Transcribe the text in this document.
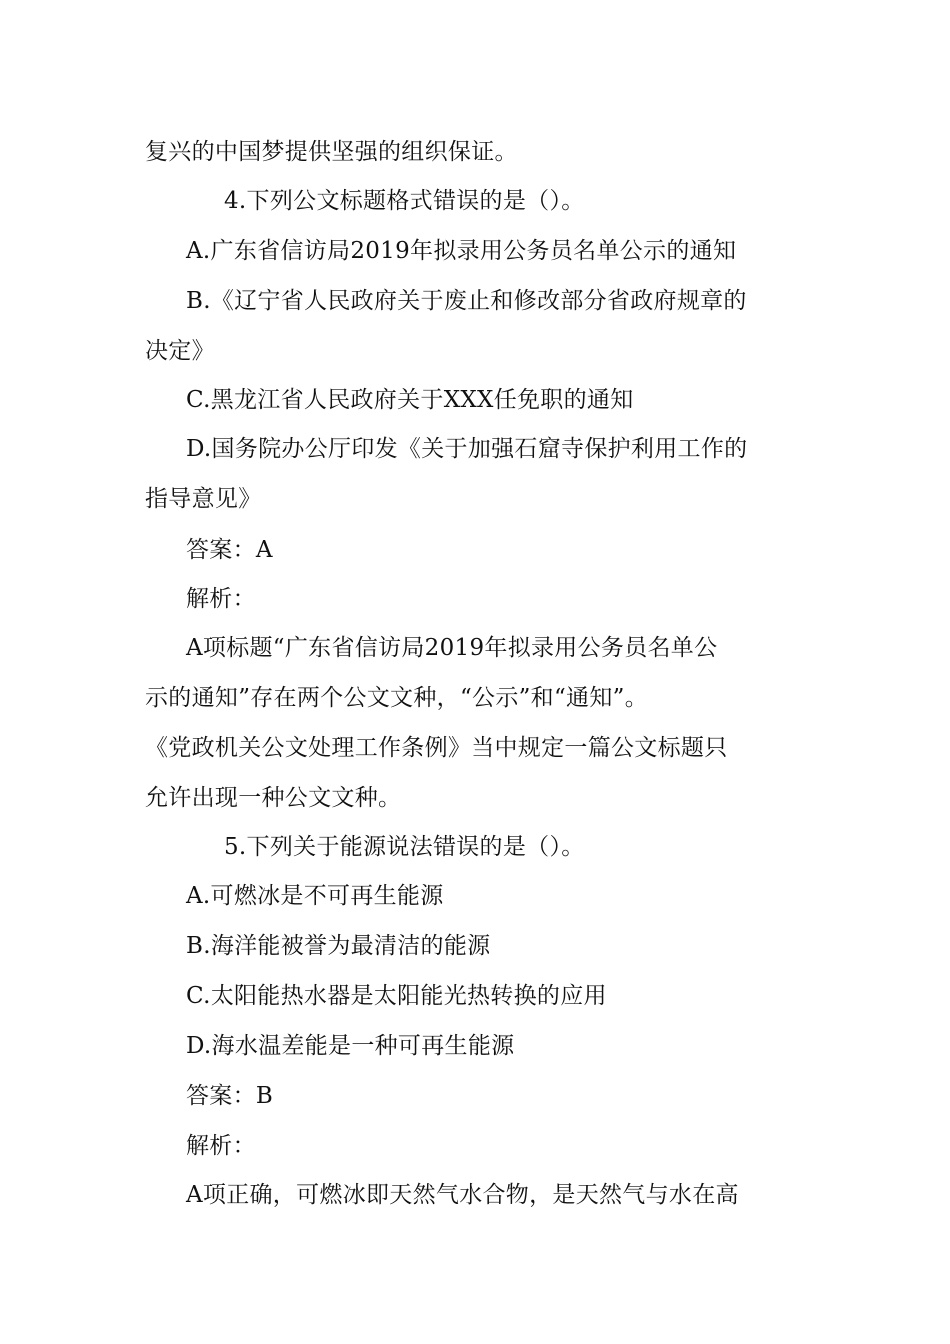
复兴的中国梦提供坚强的组织保证。
4.下列公文标题格式错误的是（）。
A.广东省信访局2019年拟录用公务员名单公示的通知
B.《辽宁省人民政府关于废止和修改部分省政府规章的
决定》
C.黑龙江省人民政府关于XXX任免职的通知
D.国务院办公厅印发《关于加强石窟寺保护利用工作的
指导意见》
答案：A
解析：
A项标题“广东省信访局2019年拟录用公务员名单公
示的通知”存在两个公文文种，“公示”和“通知”。
《党政机关公文处理工作条例》当中规定一篇公文标题只
允许出现一种公文文种。
5.下列关于能源说法错误的是（）。
A.可燃冰是不可再生能源
B.海洋能被誉为最清洁的能源
C.太阳能热水器是太阳能光热转换的应用
D.海水温差能是一种可再生能源
答案：B
解析：
A项正确，可燃冰即天然气水合物，是天然气与水在高
